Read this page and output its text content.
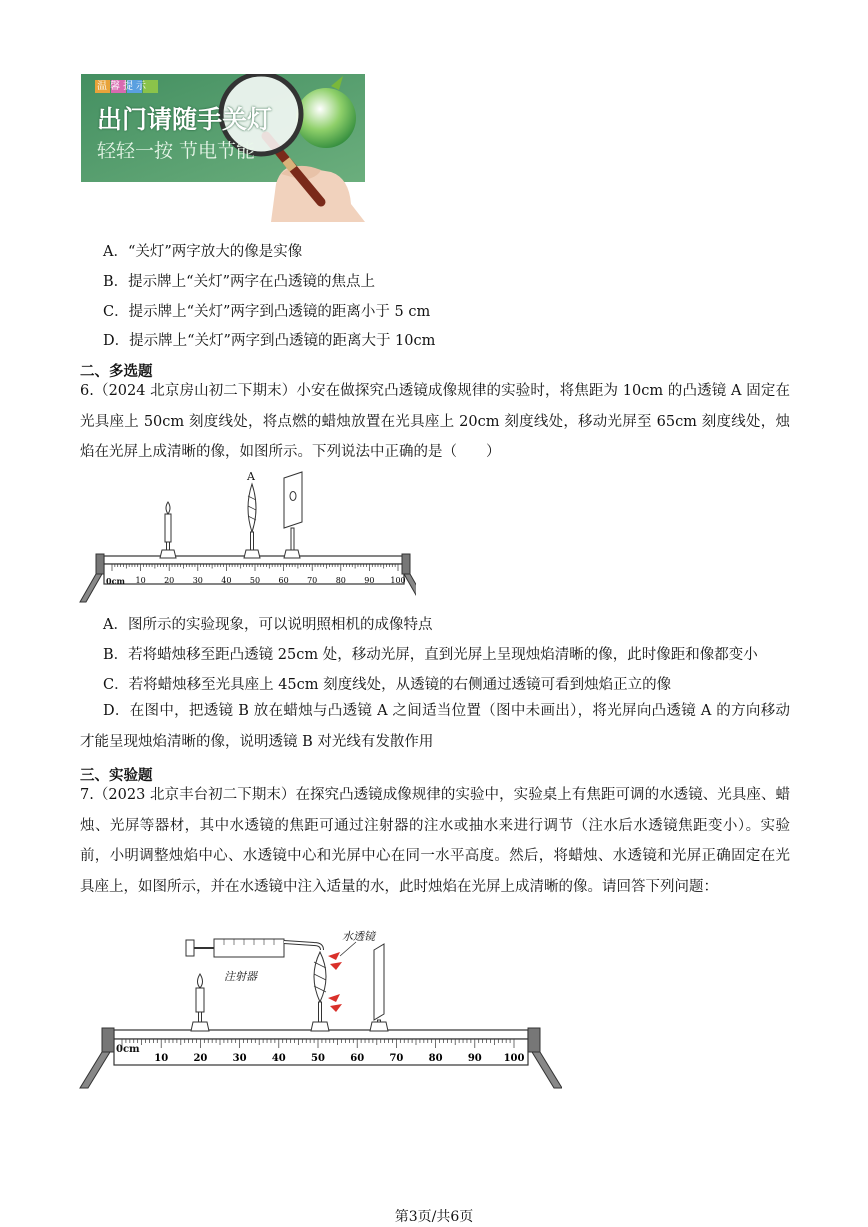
温馨提示
出门请随手关灯
轻轻一按 节电节能
A．“关灯”两字放大的像是实像
B．提示牌上“关灯”两字在凸透镜的焦点上
C．提示牌上“关灯”两字到凸透镜的距离小于 5 cm
D．提示牌上“关灯”两字到凸透镜的距离大于 10cm
二、多选题
6.（2024 北京房山初二下期末）小安在做探究凸透镜成像规律的实验时，将焦距为 10cm 的凸透镜 A 固定在光具座上 50cm 刻度线处，将点燃的蜡烛放置在光具座上 20cm 刻度线处，移动光屏至 65cm 刻度线处，烛焰在光屏上成清晰的像，如图所示。下列说法中正确的是（　　）
10 20 30 40 50 60 70 80 90 100
A
0cm
A．图所示的实验现象，可以说明照相机的成像特点
B．若将蜡烛移至距凸透镜 25cm 处，移动光屏，直到光屏上呈现烛焰清晰的像，此时像距和像都变小
C．若将蜡烛移至光具座上 45cm 刻度线处，从透镜的右侧通过透镜可看到烛焰正立的像
D．在图中，把透镜 B 放在蜡烛与凸透镜 A 之间适当位置（图中未画出），将光屏向凸透镜 A 的方向移动才能呈现烛焰清晰的像，说明透镜 B 对光线有发散作用
三、实验题
7.（2023 北京丰台初二下期末）在探究凸透镜成像规律的实验中，实验桌上有焦距可调的水透镜、光具座、蜡烛、光屏等器材，其中水透镜的焦距可通过注射器的注水或抽水来进行调节（注水后水透镜焦距变小）。实验前，小明调整烛焰中心、水透镜中心和光屏中心在同一水平高度。然后，将蜡烛、水透镜和光屏正确固定在光具座上，如图所示，并在水透镜中注入适量的水，此时烛焰在光屏上成清晰的像。请回答下列问题：
10	20	30	40	50	60	70	80	90 100
水透镜
注射器
0cm
第3页/共6页
